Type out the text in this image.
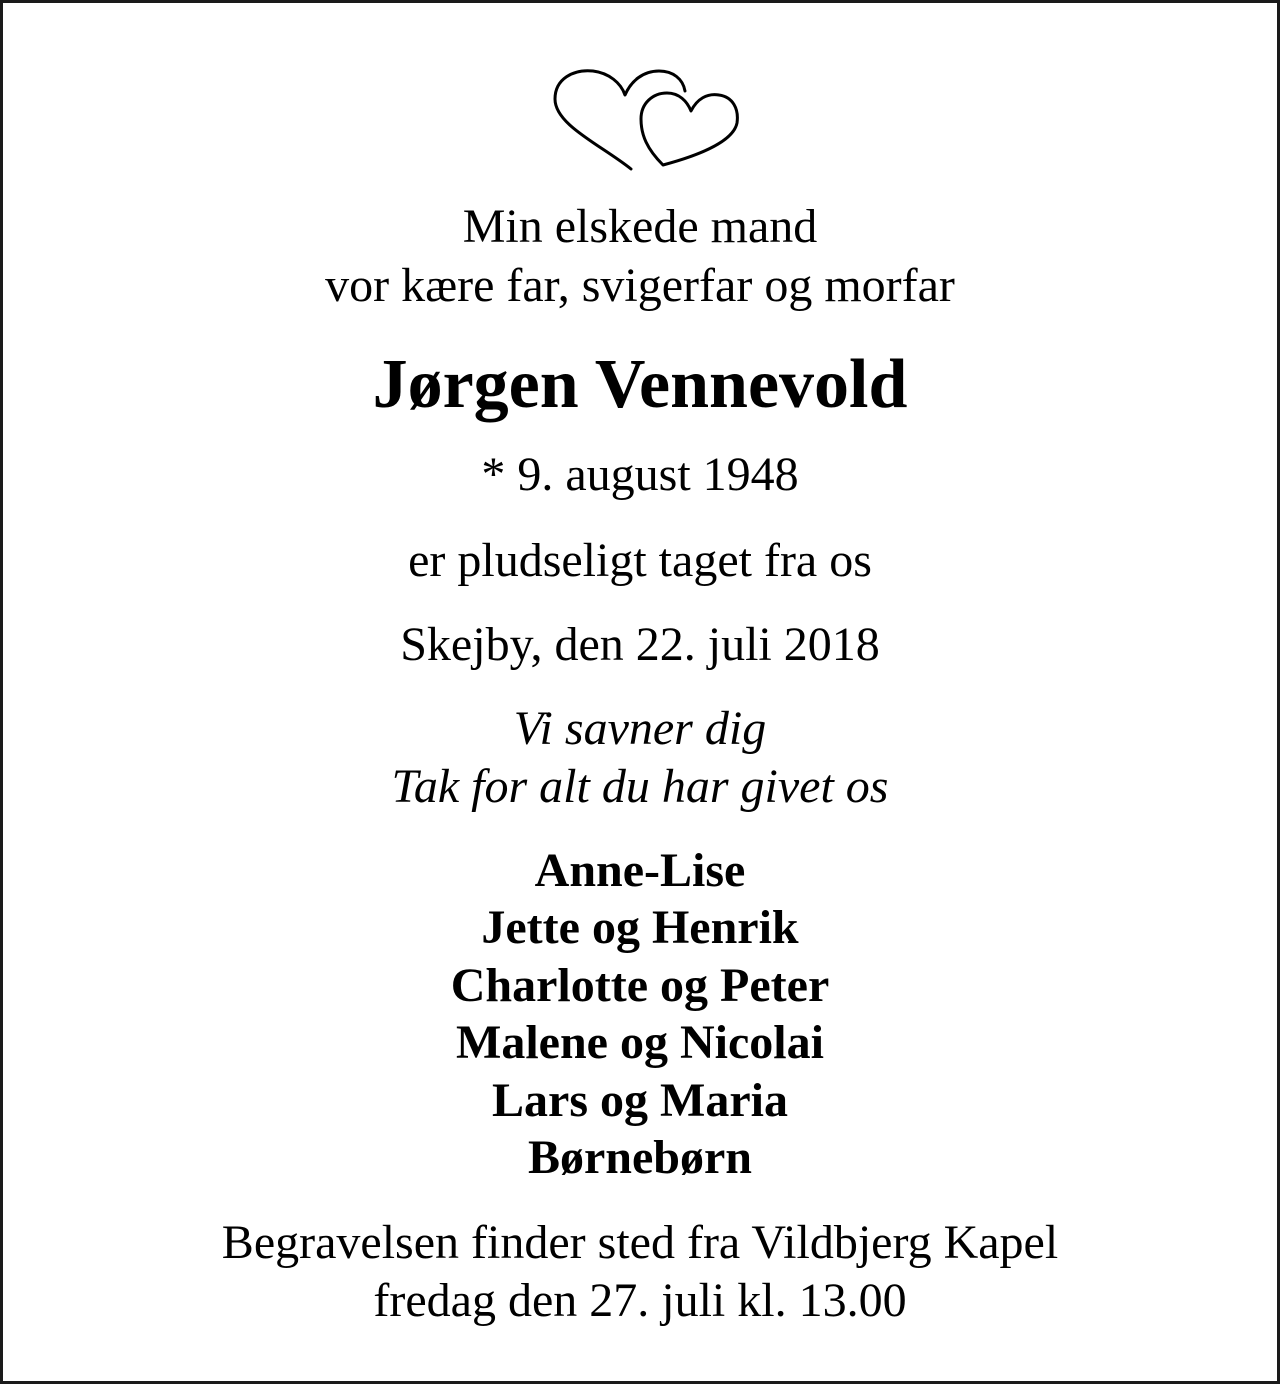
Min elskede mand
vor kære far, svigerfar og morfar
Jørgen Vennevold
* 9. august 1948
er pludseligt taget fra os
Skejby, den 22. juli 2018
Vi savner dig
Tak for alt du har givet os
Anne-Lise
Jette og Henrik
Charlotte og Peter
Malene og Nicolai
Lars og Maria
Børnebørn
Begravelsen finder sted fra Vildbjerg Kapel
fredag den 27. juli kl. 13.00
